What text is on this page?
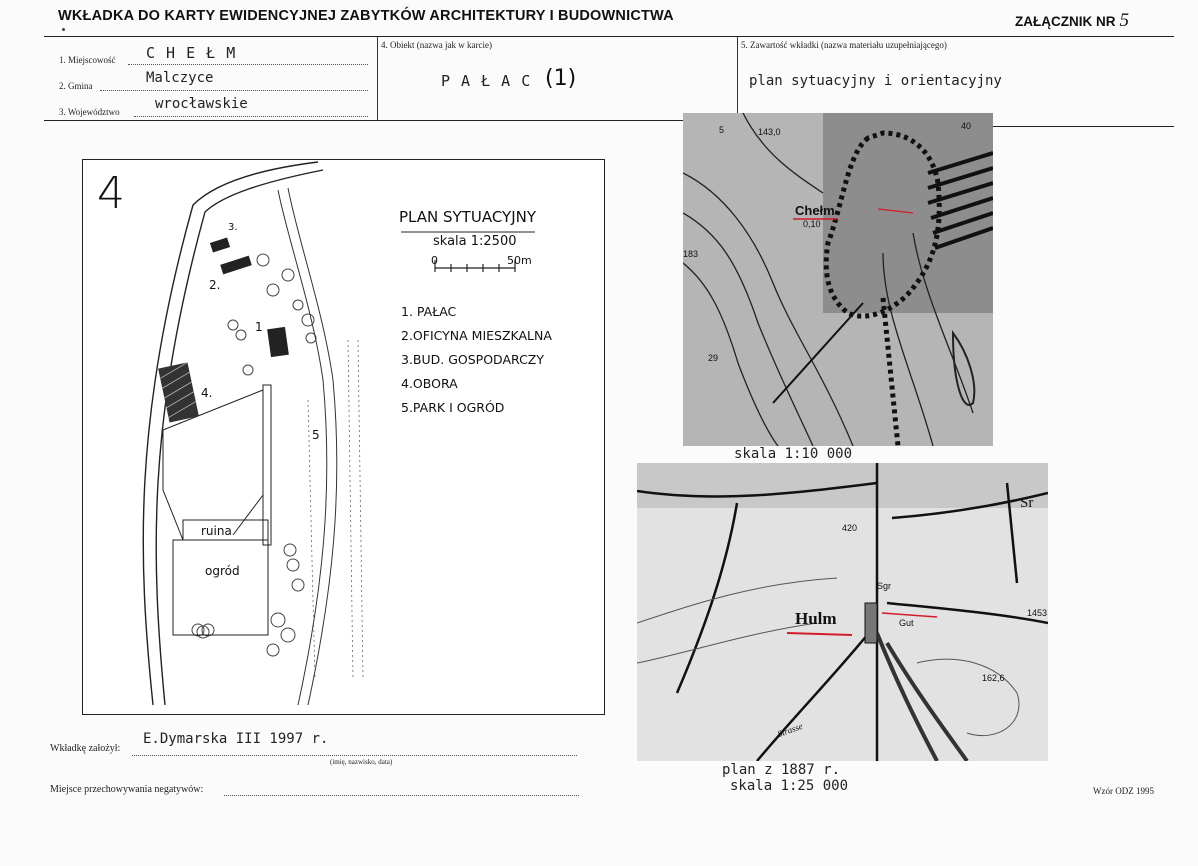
WKŁADKA DO KARTY EWIDENCYJNEJ ZABYTKÓW ARCHITEKTURY I BUDOWNICTWA	ZAŁĄCZNIK NR 5
1. Miejscowość C H E Ł M
2. Gmina	Malczyce
3. Województwo	wrocławskie
4. Obiekt (nazwa jak w karcie)
P A Ł A C (1)
5. Zawartość wkładki (nazwa materiału uzupełniającego)
plan sytuacyjny i orientacyjny
4	PLAN SYTUACYJNY
skala 1:2500
0	50m
1. PAŁAC
2.OFICYNA MIESZKALNA
3.BUD. GOSPODARCZY
4.OBORA
5.PARK I OGRÓD
1
2.
3.
4.
5
ruina
ogród
143,0
40
183
29
5
Chełm
0,10
skala 1:10 000
Hulm
Sr
420
1453
162,6
Gut
Sgr
Strasse
plan z 1887 r.
skala 1:25 000
Wkładkę założył:
E.Dymarska III 1997 r.
(imię, nazwisko, data)
Miejsce przechowywania negatywów:	Wzór ODZ 1995
